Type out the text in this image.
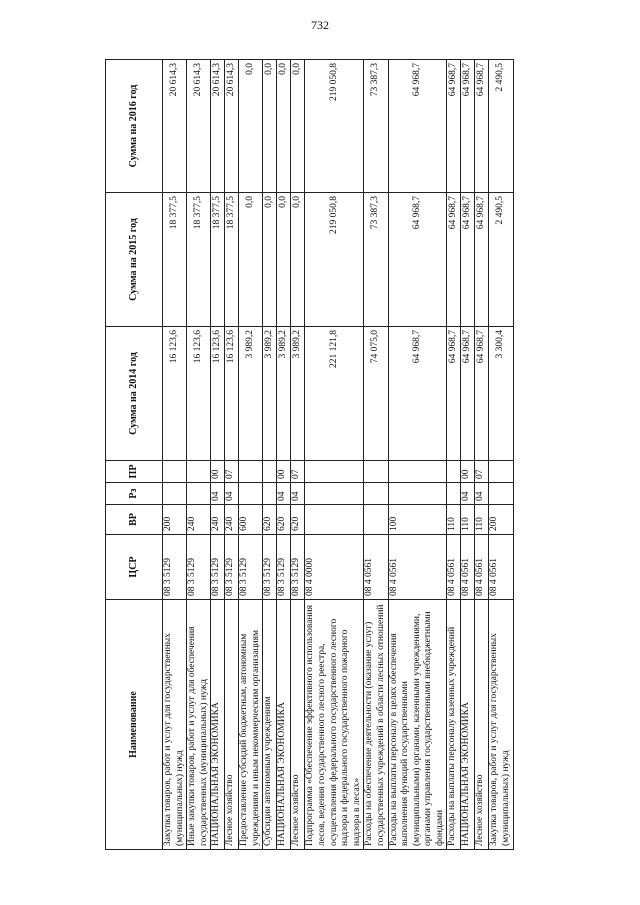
732
Наименование	ЦСР	ВР	Рз	ПР	Сумма на 2014 год	Сумма на 2015 год	Сумма на 2016 год
Закупка товаров, работ и услуг для государственных (муниципальных) нужд	08 3 5129	200			16 123,6	18 377,5	20 614,3
Иные закупки товаров, работ и услуг для обеспечения государственных (муниципальных) нужд	08 3 5129	240			16 123,6	18 377,5	20 614,3
НАЦИОНАЛЬНАЯ ЭКОНОМИКА	08 3 5129	240	04	00	16 123,6	18 377,5	20 614,3
Лесное хозяйство	08 3 5129	240	04	07	16 123,6	18 377,5	20 614,3
Предоставление субсидий бюджетным, автономным учреждениям и иным некоммерческим организациям	08 3 5129	600			3 989,2	0,0	0,0
Субсидии автономным учреждениям	08 3 5129	620			3 989,2	0,0	0,0
НАЦИОНАЛЬНАЯ ЭКОНОМИКА	08 3 5129	620	04	00	3 989,2	0,0	0,0
Лесное хозяйство	08 3 5129	620	04	07	3 989,2	0,0	0,0
Подпрограмма «Обеспечение эффективного использования лесов, ведения государственного лесного реестра, осуществления федерального государственного лесного надзора и федерального государственного пожарного надзора в лесах»	08 4 0000				221 121,8	219 050,8	219 050,8
Расходы на обеспечение деятельности (оказание услуг) государственных учреждений в области лесных отношений	08 4 0561				74 075,0	73 387,3	73 387,3
Расходы на выплаты персоналу в целях обеспечения выполнения функций государственными (муниципальными) органами, казенными учреждениями, органами управления государственными внебюджетными фондами	08 4 0561	100			64 968,7	64 968,7	64 968,7
Расходы на выплаты персоналу казенных учреждений	08 4 0561	110			64 968,7	64 968,7	64 968,7
НАЦИОНАЛЬНАЯ ЭКОНОМИКА	08 4 0561	110	04	00	64 968,7	64 968,7	64 968,7
Лесное хозяйство	08 4 0561	110	04	07	64 968,7	64 968,7	64 968,7
Закупка товаров, работ и услуг для государственных (муниципальных) нужд	08 4 0561	200			3 300,4	2 490,5	2 490,5
